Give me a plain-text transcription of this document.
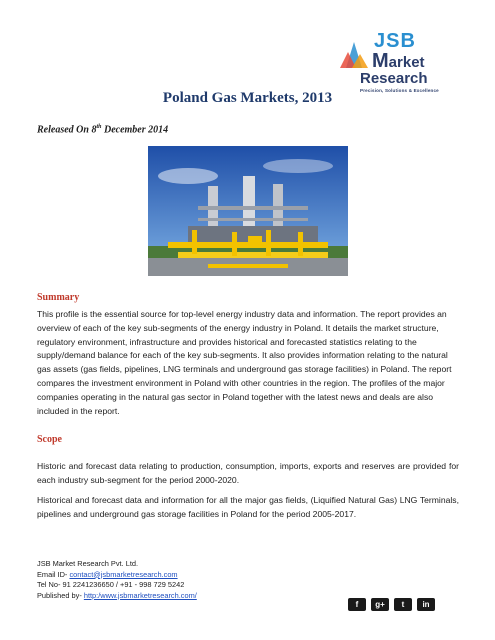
JSB
Market
Research
Precision, Solutions & Excellence
Poland Gas Markets, 2013
Released On 8th December 2014
Summary
This profile is the essential source for top-level energy industry data and information. The report provides an overview of each of the key sub-segments of the energy industry in Poland. It details the market structure, regulatory environment, infrastructure and provides historical and forecasted statistics relating to the supply/demand balance for each of the key sub-segments. It also provides information relating to the natural gas assets (gas fields, pipelines, LNG terminals and underground gas storage facilities) in Poland. The report compares the investment environment in Poland with other countries in the region. The profiles of the major companies operating in the natural gas sector in Poland together with the latest news and deals are also included in the report.
Scope
Historic and forecast data relating to production, consumption, imports, exports and reserves are provided for each industry sub-segment for the period 2000-2020.
Historical and forecast data and information for all the major gas fields, (Liquified Natural Gas) LNG Terminals, pipelines and underground gas storage facilities in Poland for the period 2005-2017.
JSB Market Research Pvt. Ltd.
Email ID- contact@jsbmarketresearch.com
Tel No- 91 2241236650 / +91 - 998 729 5242
Published by- http:/www.jsbmarketresearch.com/
f	g+	t	in
